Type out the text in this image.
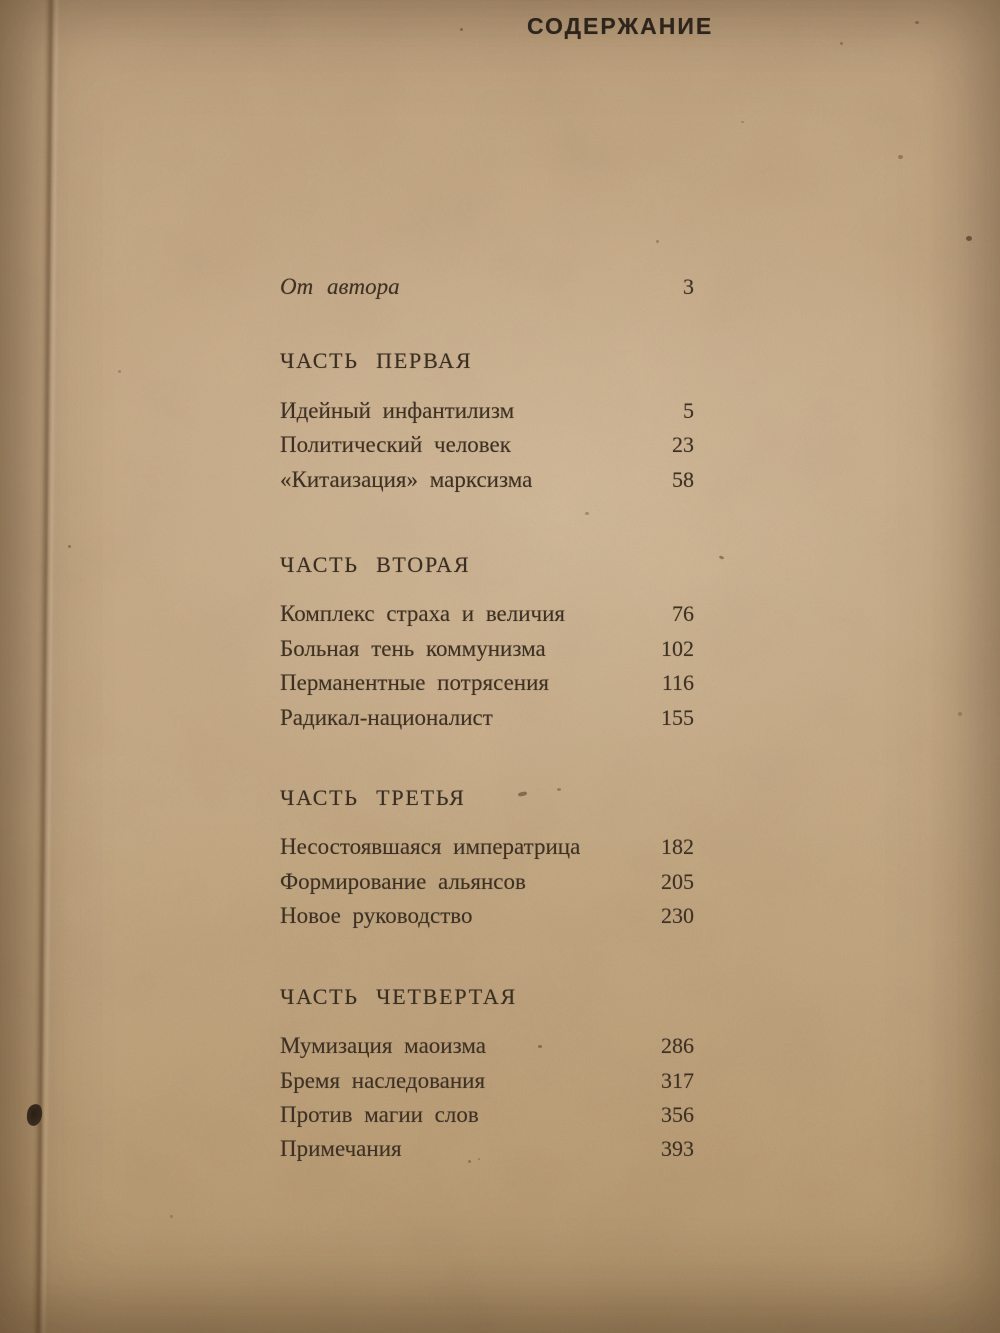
СОДЕРЖАНИЕ
От автора	3
ЧАСТЬ ПЕРВАЯ
Идейный инфантилизм	5
Политический человек	23
«Китаизация» марксизма	58
ЧАСТЬ ВТОРАЯ
Комплекс страха и величия	76
Больная тень коммунизма	102
Перманентные потрясения	116
Радикал-националист	155
ЧАСТЬ ТРЕТЬЯ
Несостоявшаяся императрица	182
Формирование альянсов	205
Новое руководство	230
ЧАСТЬ ЧЕТВЕРТАЯ
Мумизация маоизма	286
Бремя наследования	317
Против магии слов	356
Примечания	393
WWW.AY.BY
